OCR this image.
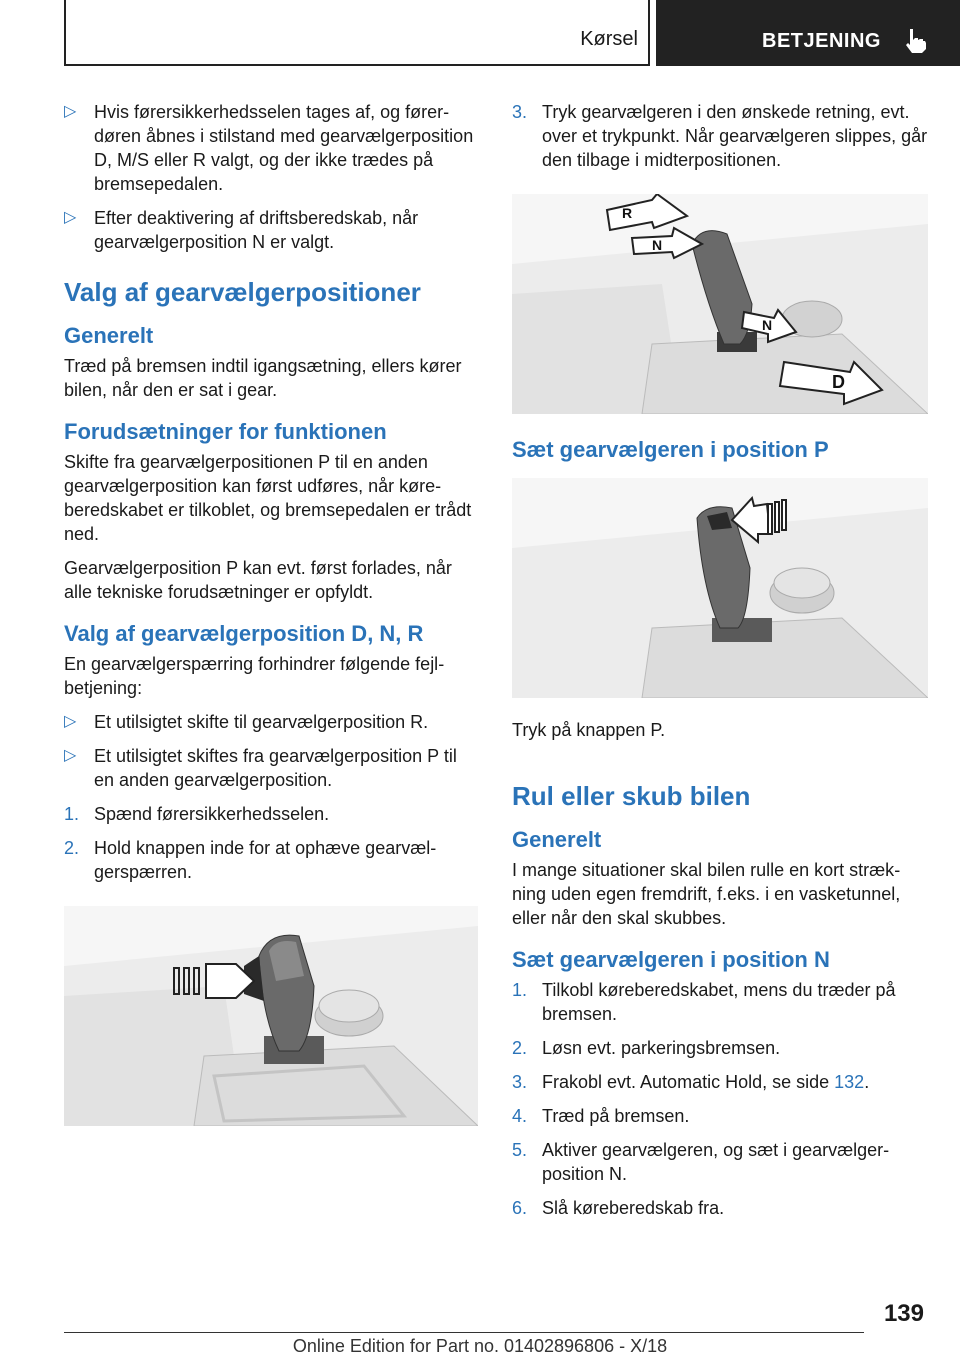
Kørsel	BETJENING
▷ Hvis førersikkerhedsselen tages af, og førerdøren åbnes i stilstand med gearvælgerposition D, M/S eller R valgt, og der ikke trædes på bremsepedalen.
▷ Efter deaktivering af driftsberedskab, når gearvælgerposition N er valgt.
Valg af gearvælgerpositioner
Generelt
Træd på bremsen indtil igangsætning, ellers kører bilen, når den er sat i gear.
Forudsætninger for funktionen
Skifte fra gearvælgerpositionen P til en anden gearvælgerposition kan først udføres, når køreberedskabet er tilkoblet, og bremsepedalen er trådt ned.
Gearvælgerposition P kan evt. først forlades, når alle tekniske forudsætninger er opfyldt.
Valg af gearvælgerposition D, N, R
En gearvælgerspærring forhindrer følgende fejlbetjening:
▷ Et utilsigtet skifte til gearvælgerposition R.
▷ Et utilsigtet skiftes fra gearvælgerposition P til en anden gearvælgerposition.
1. Spænd førersikkerhedsselen.
2. Hold knappen inde for at ophæve gearvælgerspærren.
3. Tryk gearvælgeren i den ønskede retning, evt. over et trykpunkt. Når gearvælgeren slippes, går den tilbage i midterpositionen.
R
N
N
D
Sæt gearvælgeren i position P
Tryk på knappen P.
Rul eller skub bilen
Generelt
I mange situationer skal bilen rulle en kort strækning uden egen fremdrift, f.eks. i en vasketunnel, eller når den skal skubbes.
Sæt gearvælgeren i position N
1. Tilkobl køreberedskabet, mens du træder på bremsen.
2. Løsn evt. parkeringsbremsen.
3. Frakobl evt. Automatic Hold, se side 132.
4. Træd på bremsen.
5. Aktiver gearvælgeren, og sæt i gearvælgerposition N.
6. Slå køreberedskab fra.
139
Online Edition for Part no. 01402896806 - X/18
